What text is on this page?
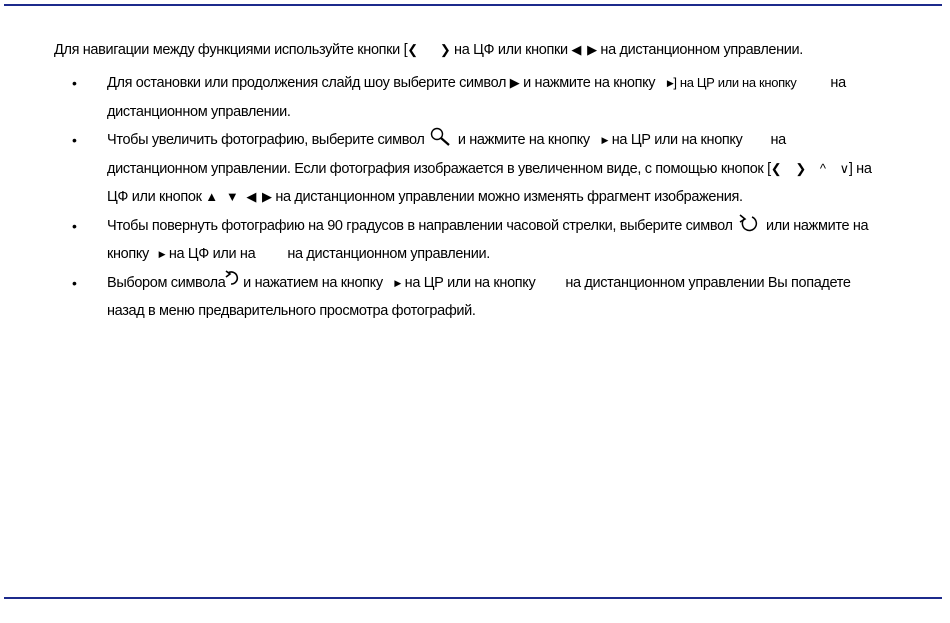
Для навигации между функциями используйте кнопки [❮ ❯ на ЦФ или кнопки ◀ ▶ на дистанционном управлении.
• Для остановки или продолжения слайд шоу выберите символ ▶ и нажмите на кнопку ▶] на ЦР или на кнопку на
дистанционном управлении.
• Чтобы увеличить фотографию, выберите символ  и нажмите на кнопку ▶ на ЦР или на кнопку на
дистанционном управлении. Если фотография изображается в увеличенном виде, с помощью кнопок [❮ ❯ ^ ∨] на
ЦФ или кнопок ▲ ▼ ◀ ▶ на дистанционном управлении можно изменять фрагмент изображения.
• Чтобы повернуть фотографию на 90 градусов в направлении часовой стрелки, выберите символ  или нажмите на
кнопку ▶ на ЦФ или на на дистанционном управлении.
• Выбором символа и нажатием на кнопку ▶ на ЦР или на кнопку на дистанционном управлении Вы попадете
назад в меню предварительного просмотра фотографий.
